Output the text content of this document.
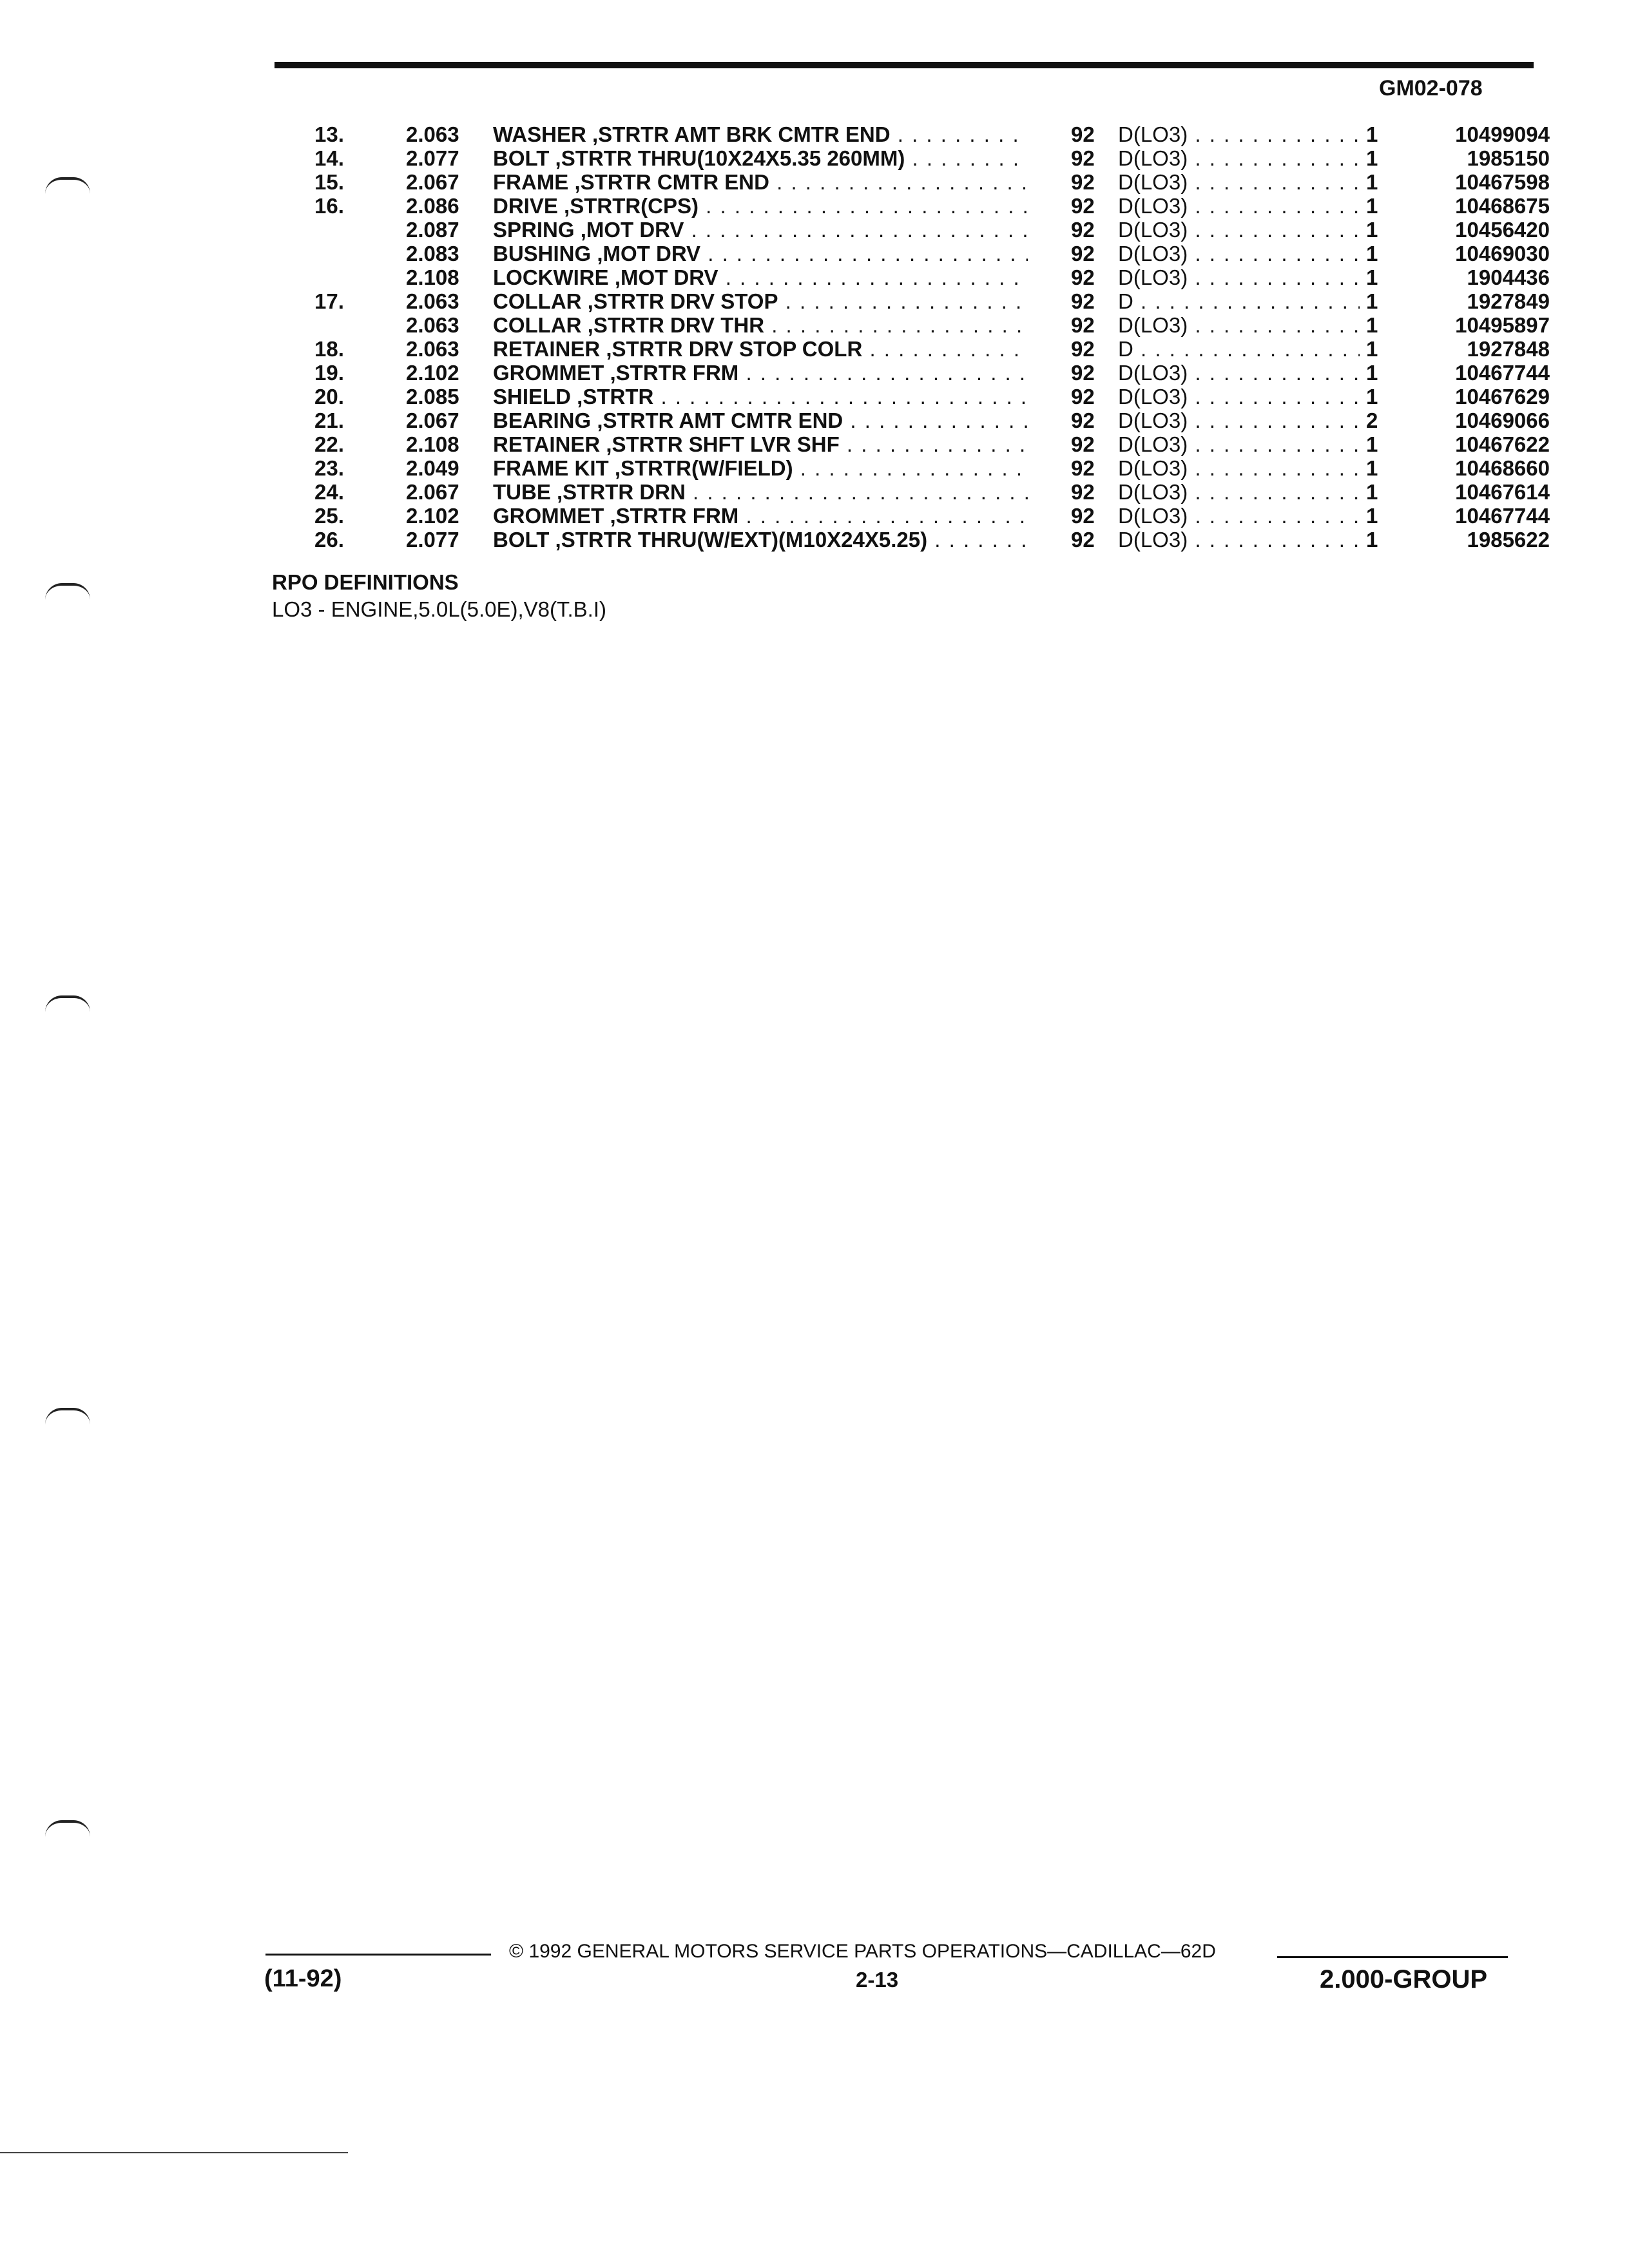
GM02-078
13.	2.063 WASHER ,STRTR AMT BRK CMTR END . . .	92 D(LO3) . . .	1	10499094
14.	2.077 BOLT ,STRTR THRU(10X24X5.35 260MM) . . .	92 D(LO3) . . .	1	1985150
15.	2.067 FRAME ,STRTR CMTR END . . .	92 D(LO3) . . .	1	10467598
16.	2.086 DRIVE ,STRTR(CPS) . . .	92 D(LO3) . . .	1	10468675
2.087 SPRING ,MOT DRV . . .	92 D(LO3) . . .	1	10456420
2.083 BUSHING ,MOT DRV . . .	92 D(LO3) . . .	1	10469030
2.108 LOCKWIRE ,MOT DRV . . .	92 D(LO3) . . .	1	1904436
17.	2.063 COLLAR ,STRTR DRV STOP . . .	92 D . . .	1	1927849
2.063 COLLAR ,STRTR DRV THR . . .	92 D(LO3) . . .	1	10495897
18.	2.063 RETAINER ,STRTR DRV STOP COLR . . .	92 D . . .	1	1927848
19.	2.102 GROMMET ,STRTR FRM . . .	92 D(LO3) . . .	1	10467744
20.	2.085 SHIELD ,STRTR . . .	92 D(LO3) . . .	1	10467629
21.	2.067 BEARING ,STRTR AMT CMTR END . . .	92 D(LO3) . . .	2	10469066
22.	2.108 RETAINER ,STRTR SHFT LVR SHF . . .	92 D(LO3) . . .	1	10467622
23.	2.049 FRAME KIT ,STRTR(W/FIELD) . . .	92 D(LO3) . . .	1	10468660
24.	2.067 TUBE ,STRTR DRN . . .	92 D(LO3) . . .	1	10467614
25.	2.102 GROMMET ,STRTR FRM . . .	92 D(LO3) . . .	1	10467744
26.	2.077 BOLT ,STRTR THRU(W/EXT)(M10X24X5.25) . . .	92 D(LO3) . . .	1	1985622
RPO DEFINITIONS
LO3 - ENGINE,5.0L(5.0E),V8(T.B.I)
© 1992 GENERAL MOTORS SERVICE PARTS OPERATIONS—CADILLAC—62D
(11-92)	2-13	2.000-GROUP
